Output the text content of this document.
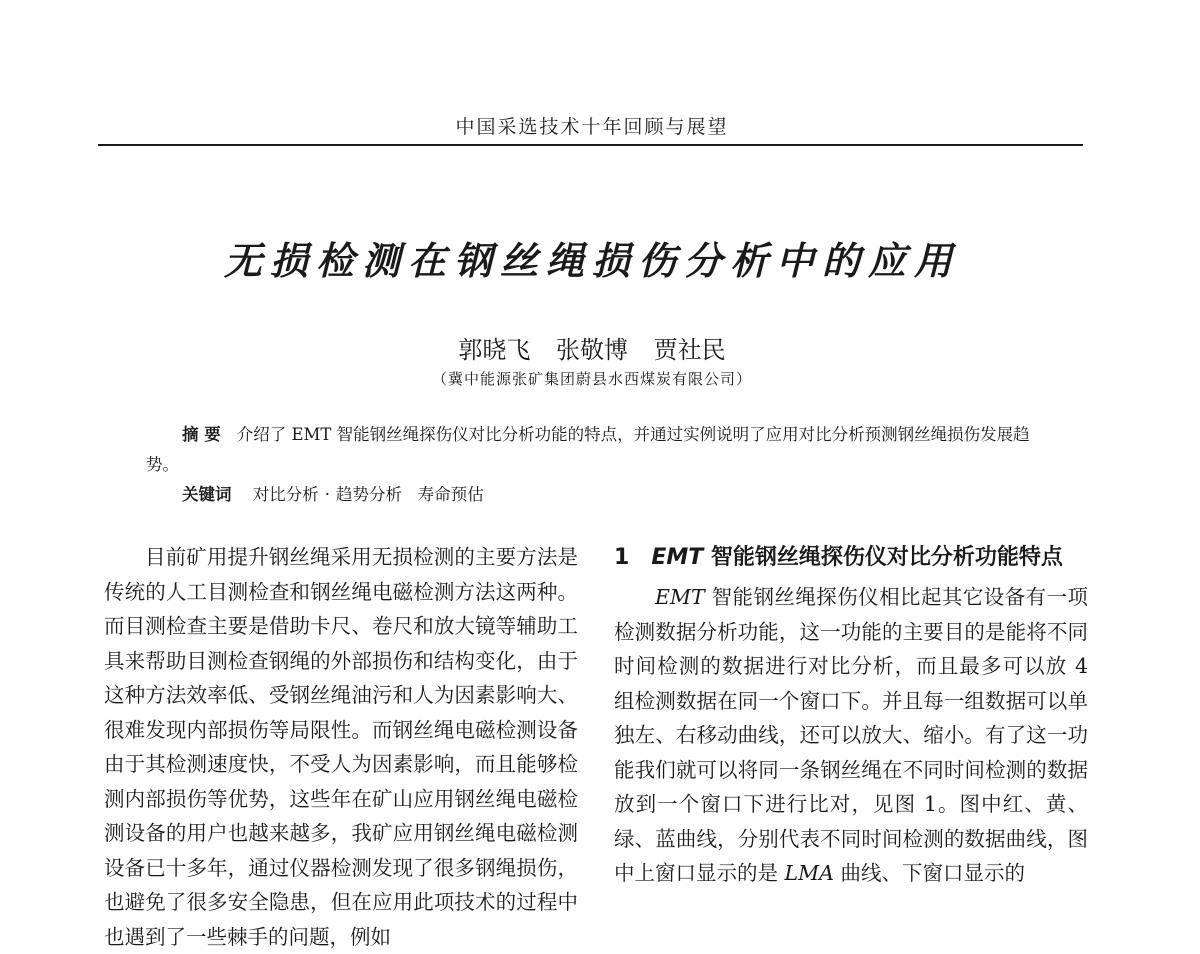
中国采选技术十年回顾与展望
无损检测在钢丝绳损伤分析中的应用
郭晓飞 张敬博 贾社民
（冀中能源张矿集团蔚县水西煤炭有限公司）
摘 要 介绍了 EMT 智能钢丝绳探伤仪对比分析功能的特点，并通过实例说明了应用对比分析预测钢丝绳损伤发展趋势。
关键词 对比分析 · 趋势分析 寿命预估

目前矿用提升钢丝绳采用无损检测的主要方法是传统的人工目测检查和钢丝绳电磁检测方法这两种。而目测检查主要是借助卡尺、卷尺和放大镜等辅助工具来帮助目测检查钢绳的外部损伤和结构变化，由于这种方法效率低、受钢丝绳油污和人为因素影响大、很难发现内部损伤等局限性。而钢丝绳电磁检测设备由于其检测速度快，不受人为因素影响，而且能够检测内部损伤等优势，这些年在矿山应用钢丝绳电磁检测设备的用户也越来越多，我矿应用钢丝绳电磁检测设备已十多年，通过仪器检测发现了很多钢绳损伤，也避免了很多安全隐患，但在应用此项技术的过程中也遇到了一些棘手的问题，例如

1 EMT 智能钢丝绳探伤仪对比分析功能特点

EMT 智能钢丝绳探伤仪相比起其它设备有一项检测数据分析功能，这一功能的主要目的是能将不同时间检测的数据进行对比分析，而且最多可以放 4 组检测数据在同一个窗口下。并且每一组数据可以单独左、右移动曲线，还可以放大、缩小。有了这一功能我们就可以将同一条钢丝绳在不同时间检测的数据放到一个窗口下进行比对，见图 1。图中红、黄、绿、蓝曲线，分别代表不同时间检测的数据曲线，图中上窗口显示的是 LMA 曲线、下窗口显示的
